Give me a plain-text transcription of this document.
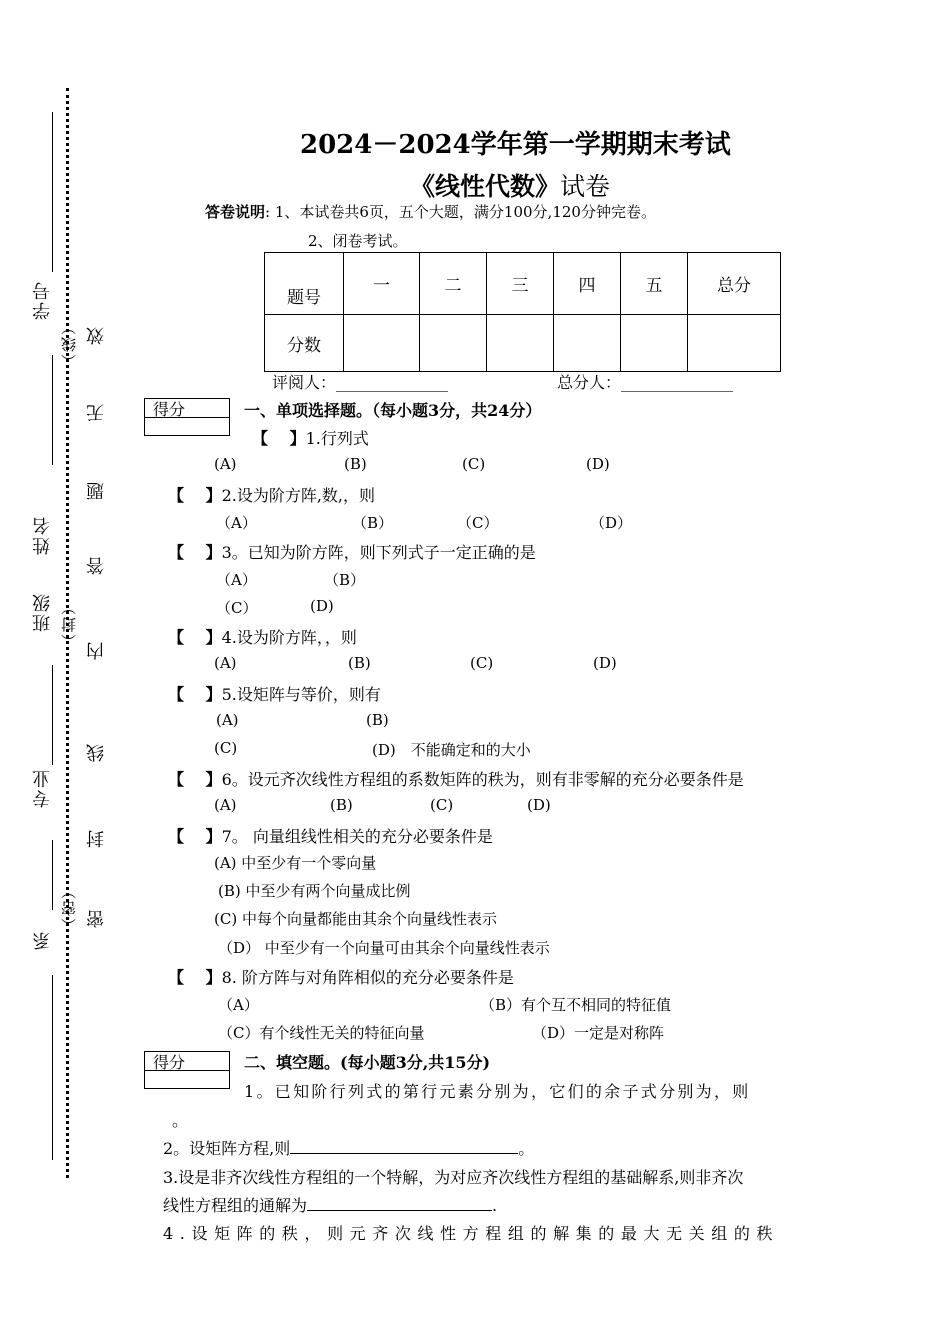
学号
（线） 效
无
题
姓名
答
班级 （封）
内
线
专业
封
（密） 密
系
2024－2024学年第一学期期末考试
《线性代数》试卷
答卷说明: 1、本试卷共6页，五个大题，满分100分,120分钟完卷。
2、闭卷考试。
题号	一	二	三	四	五	总分
分数						
评阅人：______________	总分人：______________
得分	一、单项选择题。（每小题3分，共24分）
【　 】1.行列式
(A)	(B)	(C)	(D)
【　 】2.设为阶方阵,数,，则
（A）	（B）	（C）	（D）
【　 】3。已知为阶方阵，则下列式子一定正确的是
（A）	（B）
（C）	(D)
【　 】4.设为阶方阵，，则
(A)	(B)	(C)	(D)
【　 】5.设矩阵与等价，则有
(A)	(B)
(C)	(D)　不能确定和的大小
【　 】6。设元齐次线性方程组的系数矩阵的秩为，则有非零解的充分必要条件是
(A)	(B)	(C)	(D)
【　 】7。 向量组线性相关的充分必要条件是
(A) 中至少有一个零向量
(B) 中至少有两个向量成比例
(C) 中每个向量都能由其余个向量线性表示
（D） 中至少有一个向量可由其余个向量线性表示
【　 】8. 阶方阵与对角阵相似的充分必要条件是
（A）	（B）有个互不相同的特征值
（C）有个线性无关的特征向量	（D）一定是对称阵
得分	二、填空题。(每小题3分,共15分)
1。已知阶行列式的第行元素分别为，它们的余子式分别为，则
。
2。设矩阵方程,则	。
3.设是非齐次线性方程组的一个特解，为对应齐次线性方程组的基础解系,则非齐次
线性方程组的通解为	.
4.设矩阵的秩，则元齐次线性方程组的解集的最大无关组的秩
